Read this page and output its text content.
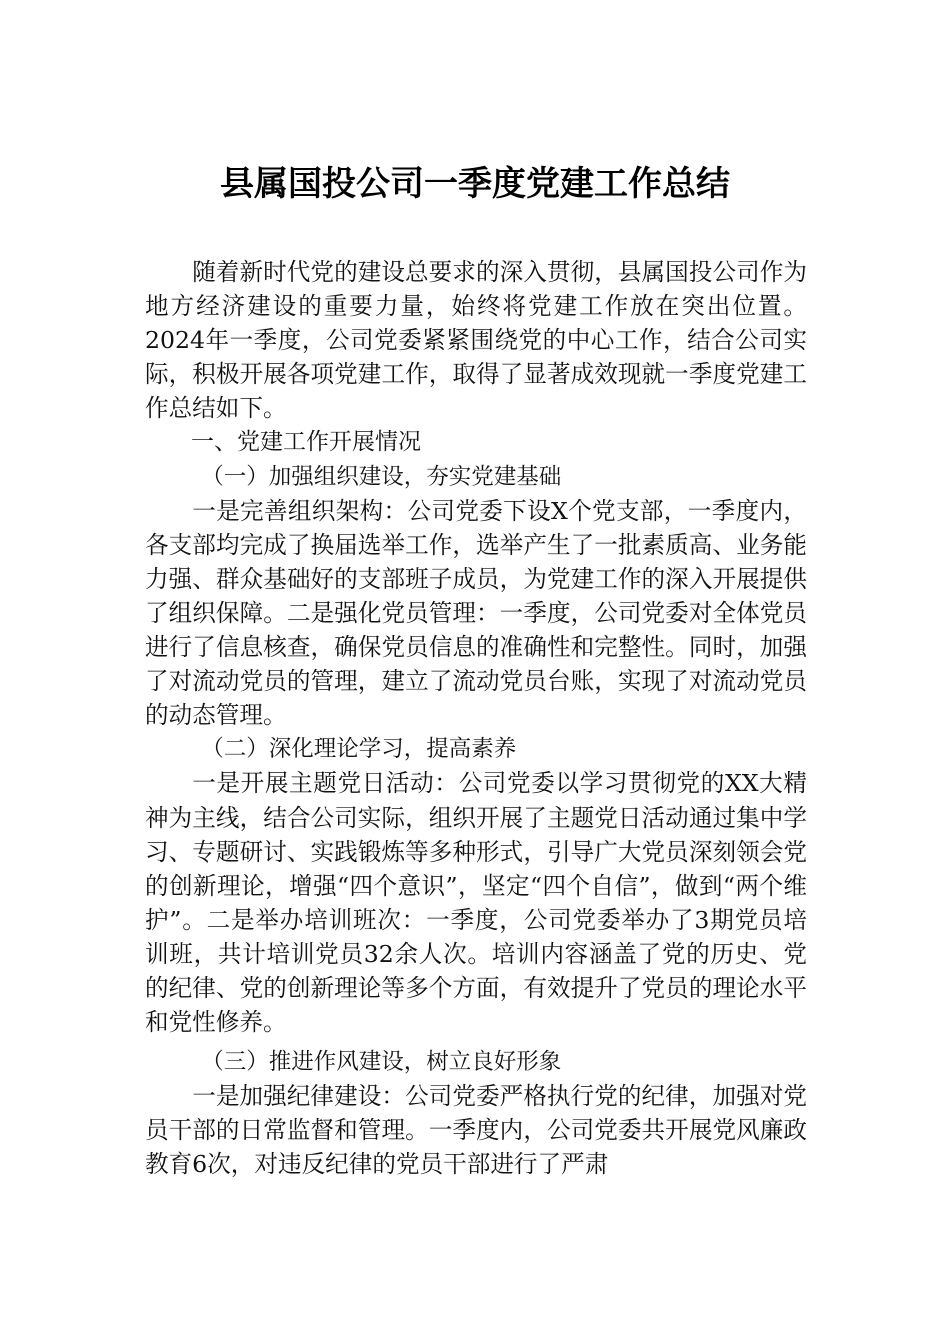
县属国投公司一季度党建工作总结

随着新时代党的建设总要求的深入贯彻，县属国投公司作为地方经济建设的重要力量，始终将党建工作放在突出位置。2024年一季度，公司党委紧紧围绕党的中心工作，结合公司实际，积极开展各项党建工作，取得了显著成效现就一季度党建工作总结如下。

一、党建工作开展情况

（一）加强组织建设，夯实党建基础

一是完善组织架构：公司党委下设X个党支部，一季度内，各支部均完成了换届选举工作，选举产生了一批素质高、业务能力强、群众基础好的支部班子成员，为党建工作的深入开展提供了组织保障。二是强化党员管理：一季度，公司党委对全体党员进行了信息核查，确保党员信息的准确性和完整性。同时，加强了对流动党员的管理，建立了流动党员台账，实现了对流动党员的动态管理。

（二）深化理论学习，提高素养

一是开展主题党日活动：公司党委以学习贯彻党的XX大精神为主线，结合公司实际，组织开展了主题党日活动通过集中学习、专题研讨、实践锻炼等多种形式，引导广大党员深刻领会党的创新理论，增强“四个意识”，坚定“四个自信”，做到“两个维护”。二是举办培训班次：一季度，公司党委举办了3期党员培训班，共计培训党员32余人次。培训内容涵盖了党的历史、党的纪律、党的创新理论等多个方面，有效提升了党员的理论水平和党性修养。

（三）推进作风建设，树立良好形象

一是加强纪律建设：公司党委严格执行党的纪律，加强对党员干部的日常监督和管理。一季度内，公司党委共开展党风廉政教育6次，对违反纪律的党员干部进行了严肃
